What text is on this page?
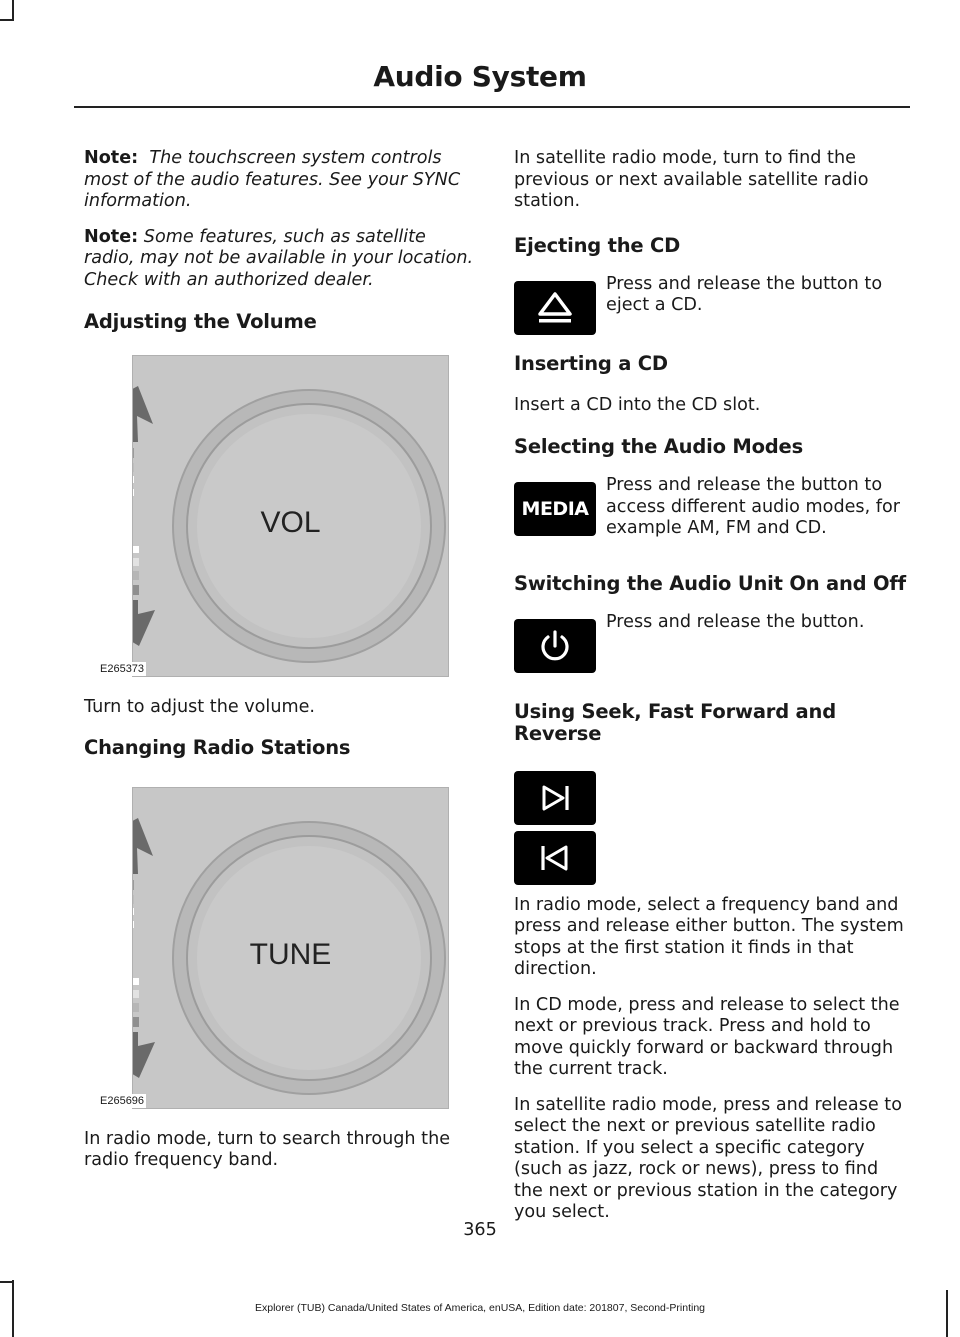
Audio System

Note: The touchscreen system controls most of the audio features. See your SYNC information.

Note: Some features, such as satellite radio, may not be available in your location. Check with an authorized dealer.

Adjusting the Volume
VOL
E265373

Turn to adjust the volume.

Changing Radio Stations
TUNE
E265696

In radio mode, turn to search through the radio frequency band.

In satellite radio mode, turn to find the previous or next available satellite radio station.

Ejecting the CD

Press and release the button to eject a CD.

Inserting a CD

Insert a CD into the CD slot.

Selecting the Audio Modes
MEDIA

Press and release the button to access different audio modes, for example AM, FM and CD.

Switching the Audio Unit On and Off

Press and release the button.

Using Seek, Fast Forward and Reverse

In radio mode, select a frequency band and press and release either button. The system stops at the first station it finds in that direction.

In CD mode, press and release to select the next or previous track. Press and hold to move quickly forward or backward through the current track.

In satellite radio mode, press and release to select the next or previous satellite radio station. If you select a specific category (such as jazz, rock or news), press to find the next or previous station in the category you select.

365
Explorer (TUB) Canada/United States of America, enUSA, Edition date: 201807, Second-Printing
